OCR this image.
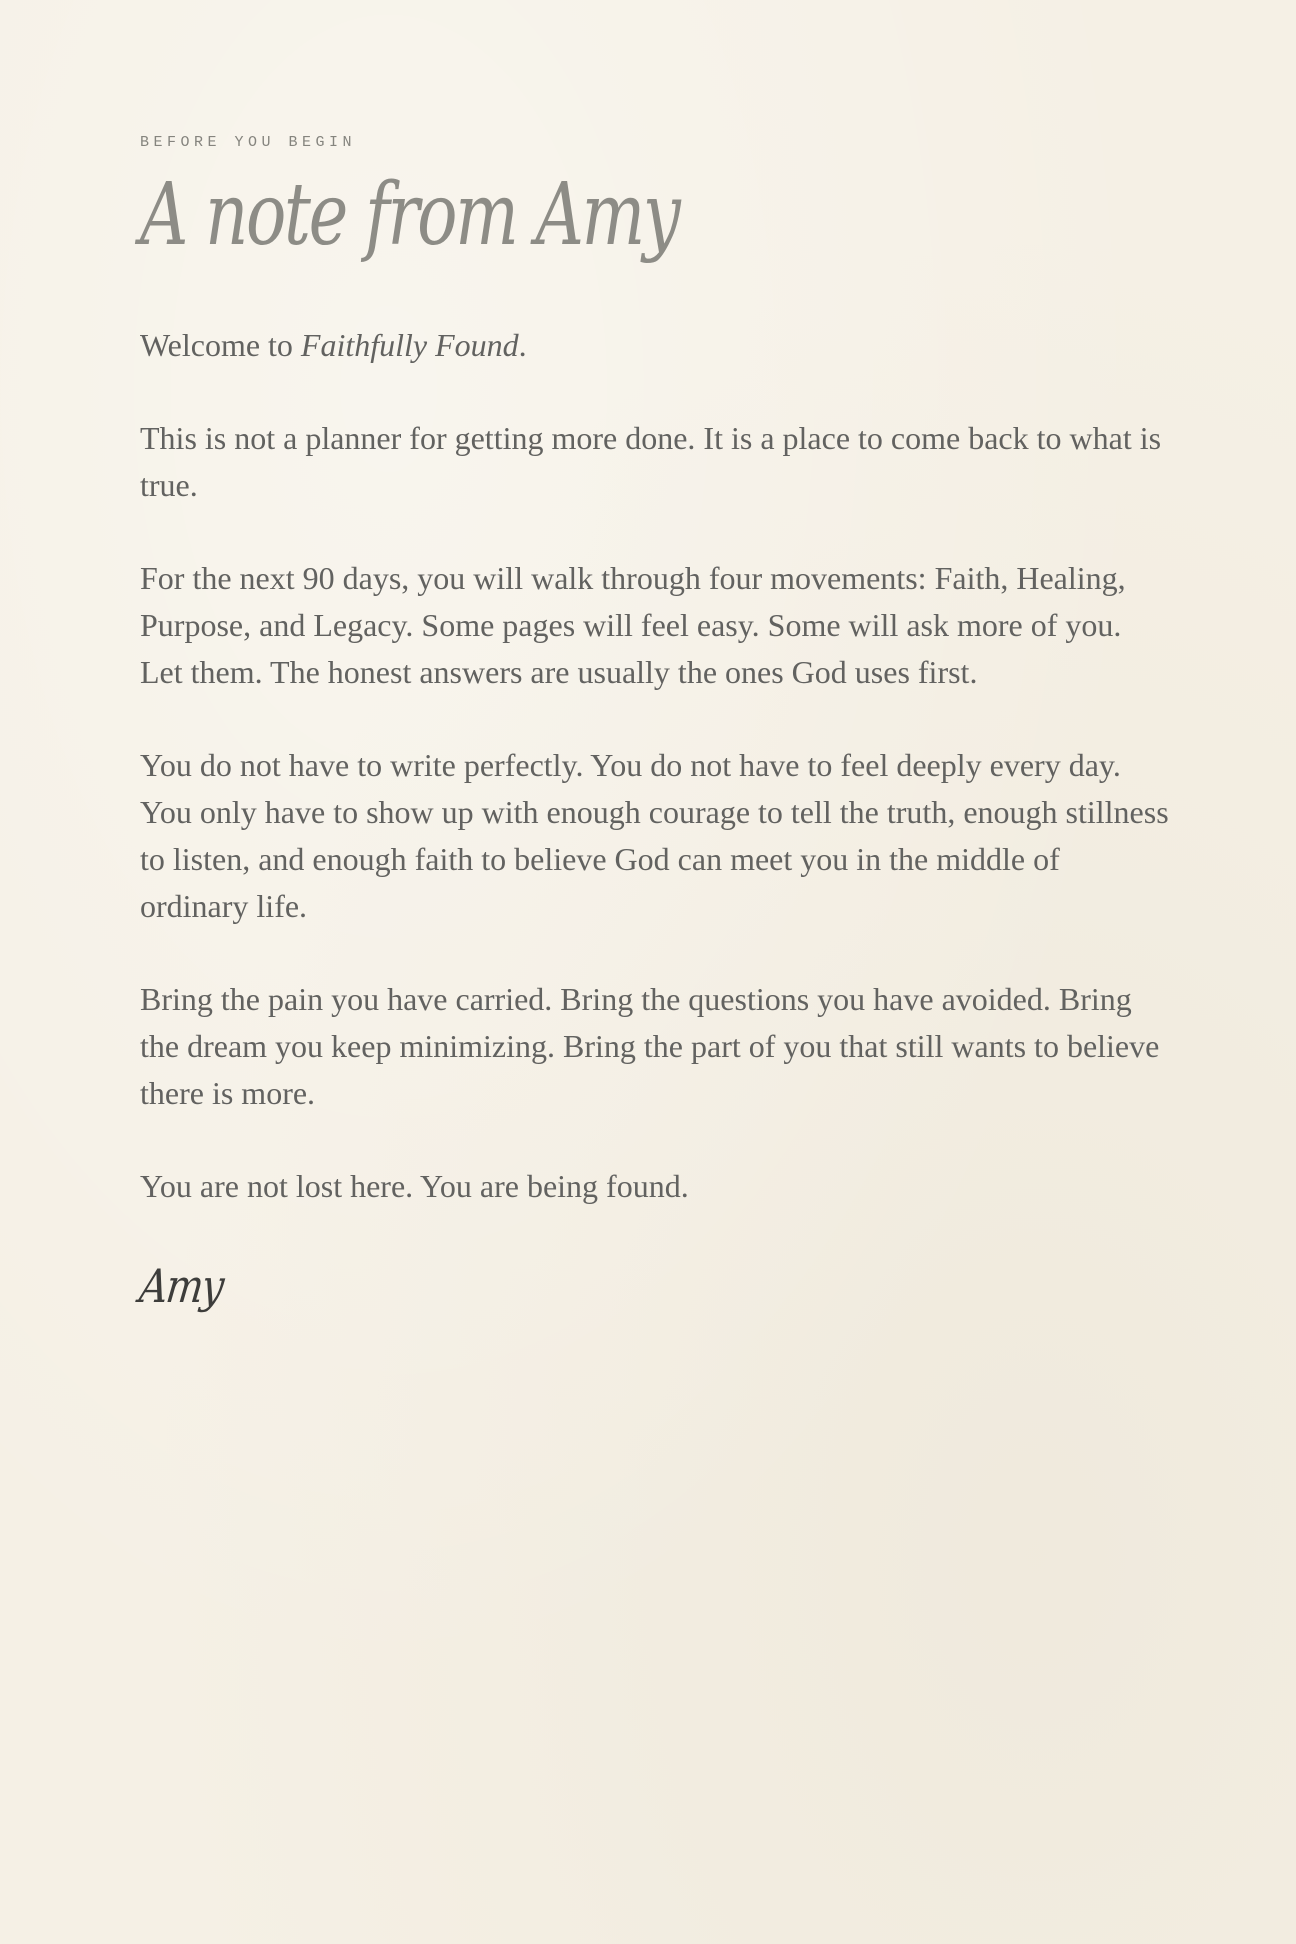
BEFORE YOU BEGIN

A note from Amy

Welcome to Faithfully Found.

This is not a planner for getting more done. It is a place to come back to what is true.

For the next 90 days, you will walk through four movements: Faith, Healing, Purpose, and Legacy. Some pages will feel easy. Some will ask more of you. Let them. The honest answers are usually the ones God uses first.

You do not have to write perfectly. You do not have to feel deeply every day. You only have to show up with enough courage to tell the truth, enough stillness to listen, and enough faith to believe God can meet you in the middle of ordinary life.

Bring the pain you have carried. Bring the questions you have avoided. Bring the dream you keep minimizing. Bring the part of you that still wants to believe there is more.

You are not lost here. You are being found.

Amy
